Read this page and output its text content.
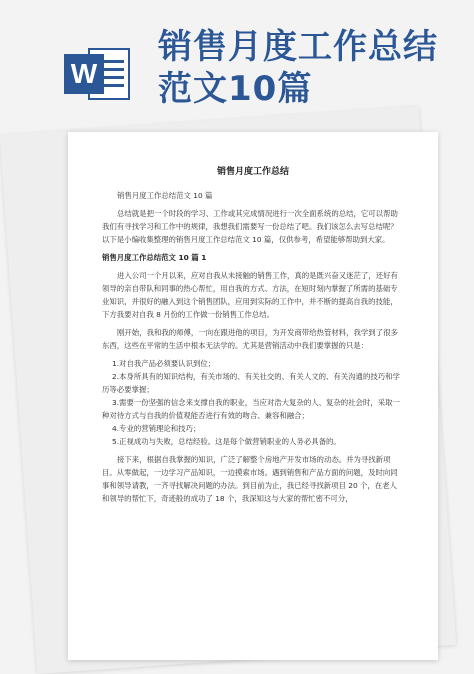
W
销售月度工作总结
范文10篇
销售月度工作总结

销售月度工作总结范文 10 篇

总结就是把一个时段的学习、工作或其完成情况进行一次全面系统的总结，它可以帮助我们有寻找学习和工作中的规律，我想我们需要写一份总结了吧。我们该怎么去写总结呢？以下是小编收集整理的销售月度工作总结范文 10 篇，仅供参考，希望能够帮助到大家。

销售月度工作总结范文 10 篇 1

进入公司一个月以来，应对自我从未接触的销售工作，真的是既兴奋又迷茫了，还好有领导的亲自带队和同事的热心帮忙，用自我的方式、方法，在短时刻内掌握了所需的基础专业知识，并很好的融入到这个销售团队，应用到实际的工作中，并不断的提高自我的技能，下方我要对自我 8 月份的工作做一份销售工作总结。

刚开始，我和我的师傅，一向在跟进他的项目，为开发商带给热管材料，我学到了很多东西，这些在平常的生活中根本无法学的。尤其是营销活动中我们要掌握的只是：

1.对自我产品必须要认识到位；
2.本身所具有的知识结构，有关市场的、有关社交的、有关人文的、有关沟通的技巧和学历等必要掌握；
3.需要一份坚强的信念来支撑自我的职业，当应对浩大复杂的人、复杂的社会时，采取一种对待方式与自我的价值观能否进行有效的吻合、兼容和融合；
4.专业的营销理论和技巧；
5.正视成功与失败，总结经验。这是每个做营销职业的人务必具备的。

接下来，根据自我掌握的知识，广泛了解整个房地产开发市场的动态。并为寻找新项目。从零做起，一边学习产品知识，一边摸索市场。遇到销售和产品方面的问题，及时向同事和领导请教，一齐寻找解决问题的办法。到目前为止，我已经寻找新项目 20 个，在老人和领导的帮忙下，奇迹般的成功了 18 个，我深知这与大家的帮忙密不可分，
